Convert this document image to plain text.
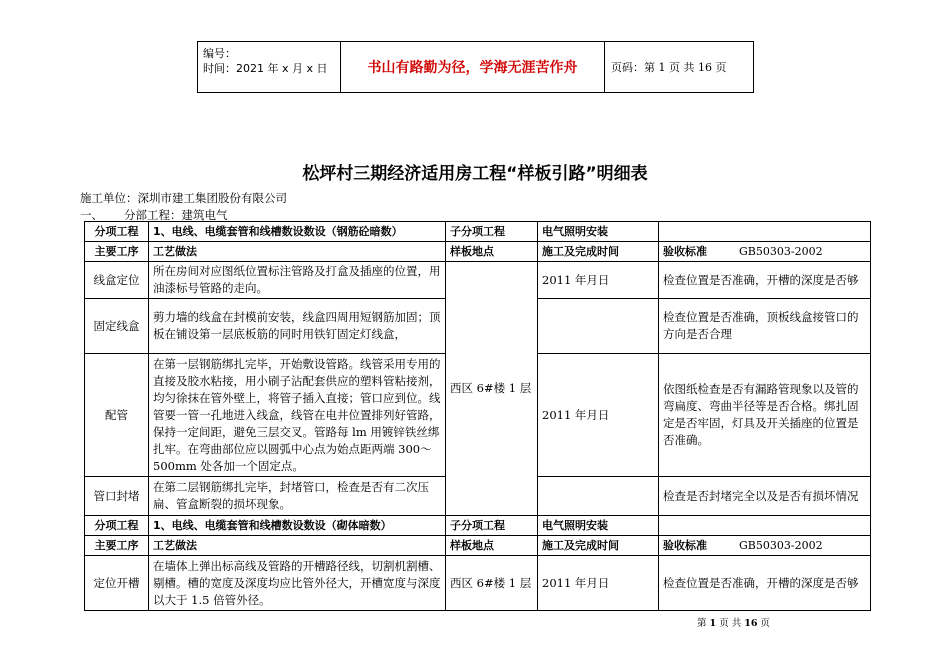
编号：
时间：2021 年 x 月 x 日	书山有路勤为径，学海无涯苦作舟	页码：第 1 页 共 16 页
松坪村三期经济适用房工程“样板引路”明细表
施工单位：深圳市建工集团股份有限公司
一、 分部工程：建筑电气
分项工程	1、电线、电缆套管和线槽数设数设（钢筋砼暗数）	子分项工程	电气照明安装	
主要工序	工艺做法	样板地点	施工及完成时间	验收标准 GB50303-2002
线盒定位	所在房间对应图纸位置标注管路及打盒及插座的位置，用油漆标号管路的走向。	西区 6#楼 1 层	2011 年月日	检查位置是否准确，开槽的深度是否够
固定线盒	剪力墙的线盒在封模前安装，线盒四周用短钢筋加固；顶板在铺设第一层底板筋的同时用铁钉固定灯线盒，			检查位置是否准确，顶板线盒接管口的方向是否合理
配管	在第一层钢筋绑扎完毕，开始敷设管路。线管采用专用的直接及胶水粘接，用小刷子沾配套供应的塑料管粘接剂，均匀徐抹在管外壁上，将管子插入直接；管口应到位。线管要一管一孔地进入线盒，线管在电井位置排列好管路，保持一定间距，避免三层交叉。管路每 lm 用镀锌铁丝绑扎牢。在弯曲部位应以圆弧中心点为始点距两端 300～500mm 处各加一个固定点。		2011 年月日	依图纸检查是否有漏路管现象以及管的弯扁度、弯曲半径等是否合格。绑扎固定是否牢固，灯具及开关插座的位置是否准确。
管口封堵	在第二层钢筋绑扎完毕，封堵管口，检查是否有二次压扁、管盒断裂的损坏现象。			检查是否封堵完全以及是否有损坏情况
分项工程	1、电线、电缆套管和线槽数设数设（砌体暗数）	子分项工程	电气照明安装	
主要工序	工艺做法	样板地点	施工及完成时间	验收标准 GB50303-2002
定位开槽	在墙体上弹出标高线及管路的开槽路径线，切割机割槽、剔槽。槽的宽度及深度均应比管外径大，开槽宽度与深度以大于 1.5 倍管外径。	西区 6#楼 1 层	2011 年月日	检查位置是否准确，开槽的深度是否够
第 1 页 共 16 页
